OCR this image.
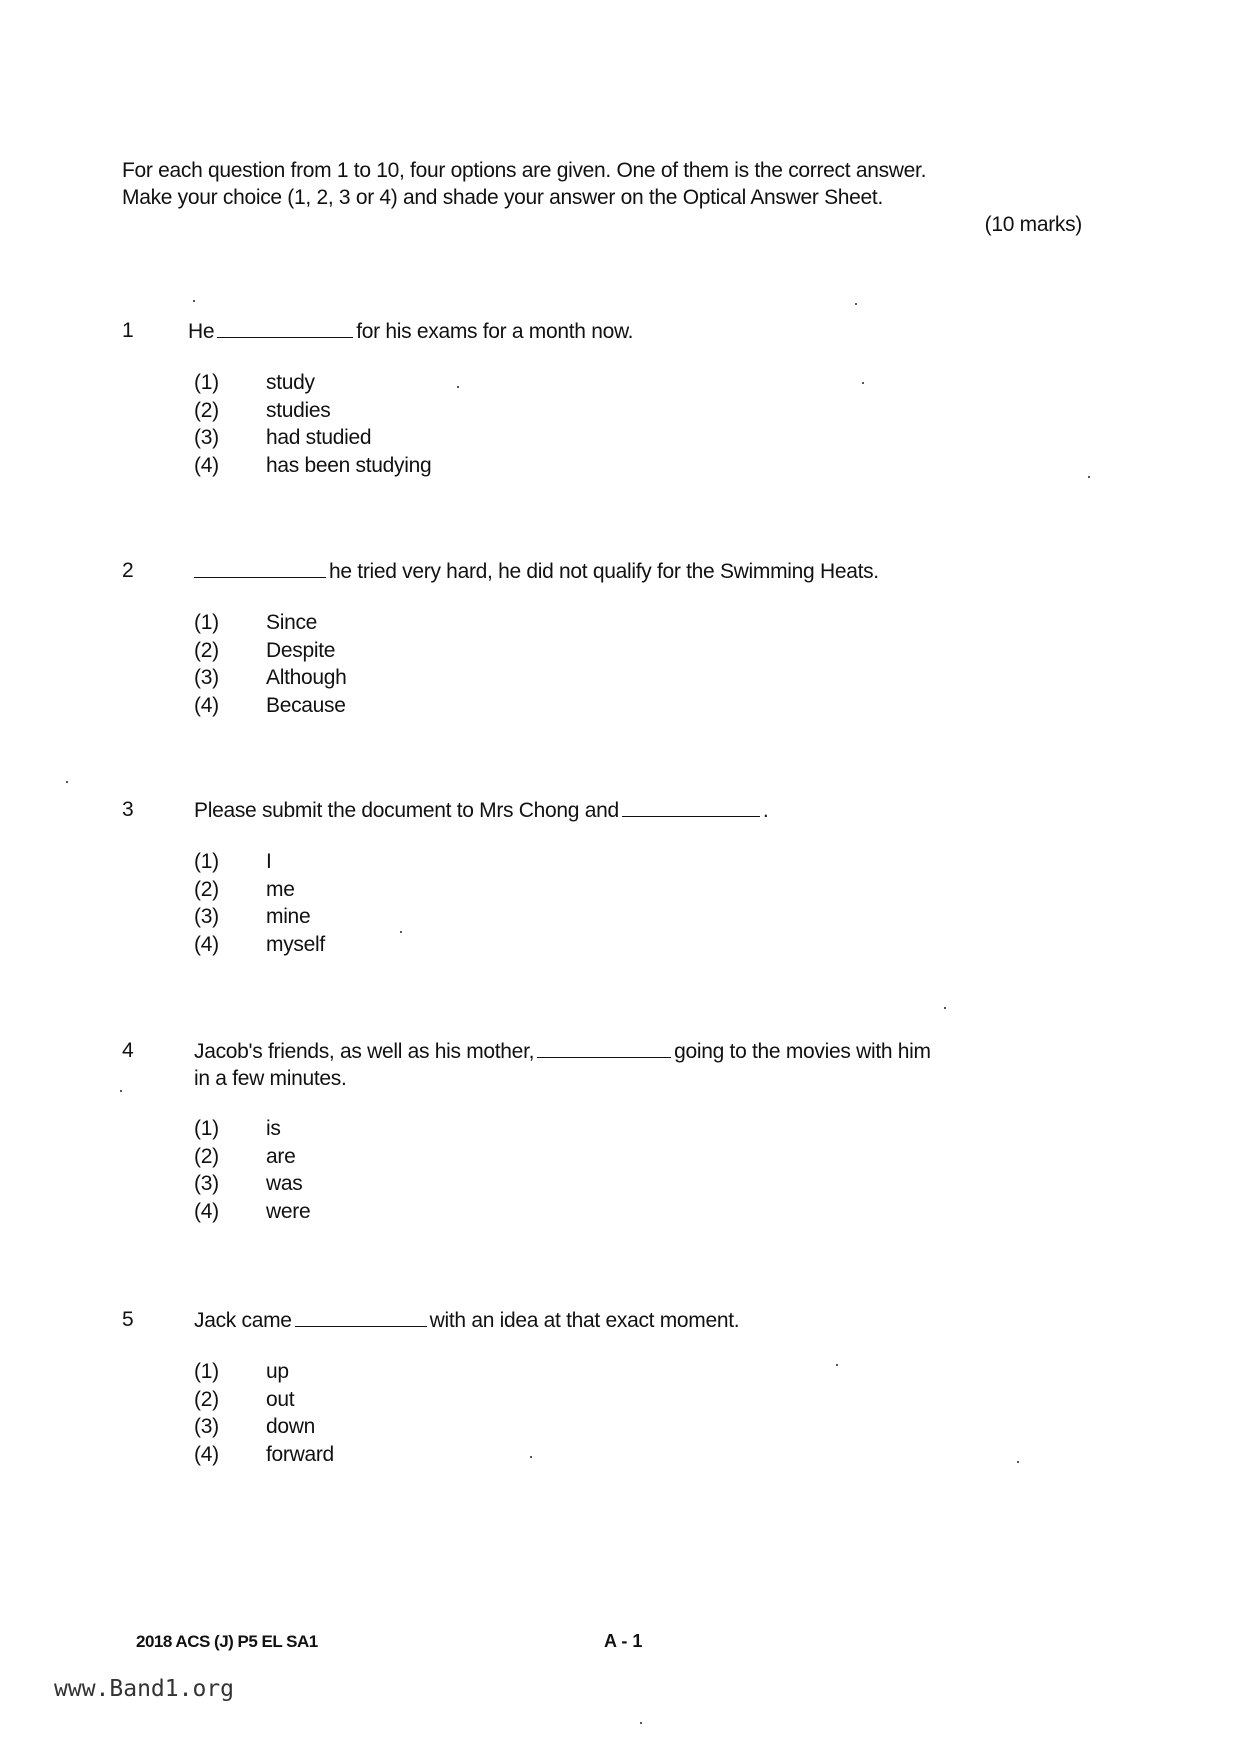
For each question from 1 to 10, four options are given. One of them is the correct answer.
Make your choice (1, 2, 3 or 4) and shade your answer on the Optical Answer Sheet.
(10 marks)
1	He	for his exams for a month now.
(1)	study
(2)	studies
(3)	had studied
(4)	has been studying
2	he tried very hard, he did not qualify for the Swimming Heats.
(1)	Since
(2)	Despite
(3)	Although
(4)	Because
3	Please submit the document to Mrs Chong and	.
(1)	I
(2)	me
(3)	mine
(4)	myself
4	Jacob's friends, as well as his mother,	going to the movies with him
in a few minutes.
(1)	is
(2)	are
(3)	was
(4)	were
5	Jack came	with an idea at that exact moment.
(1)	up
(2)	out
(3)	down
(4)	forward
2018 ACS (J) P5 EL SA1	A - 1
www.Band1.org
